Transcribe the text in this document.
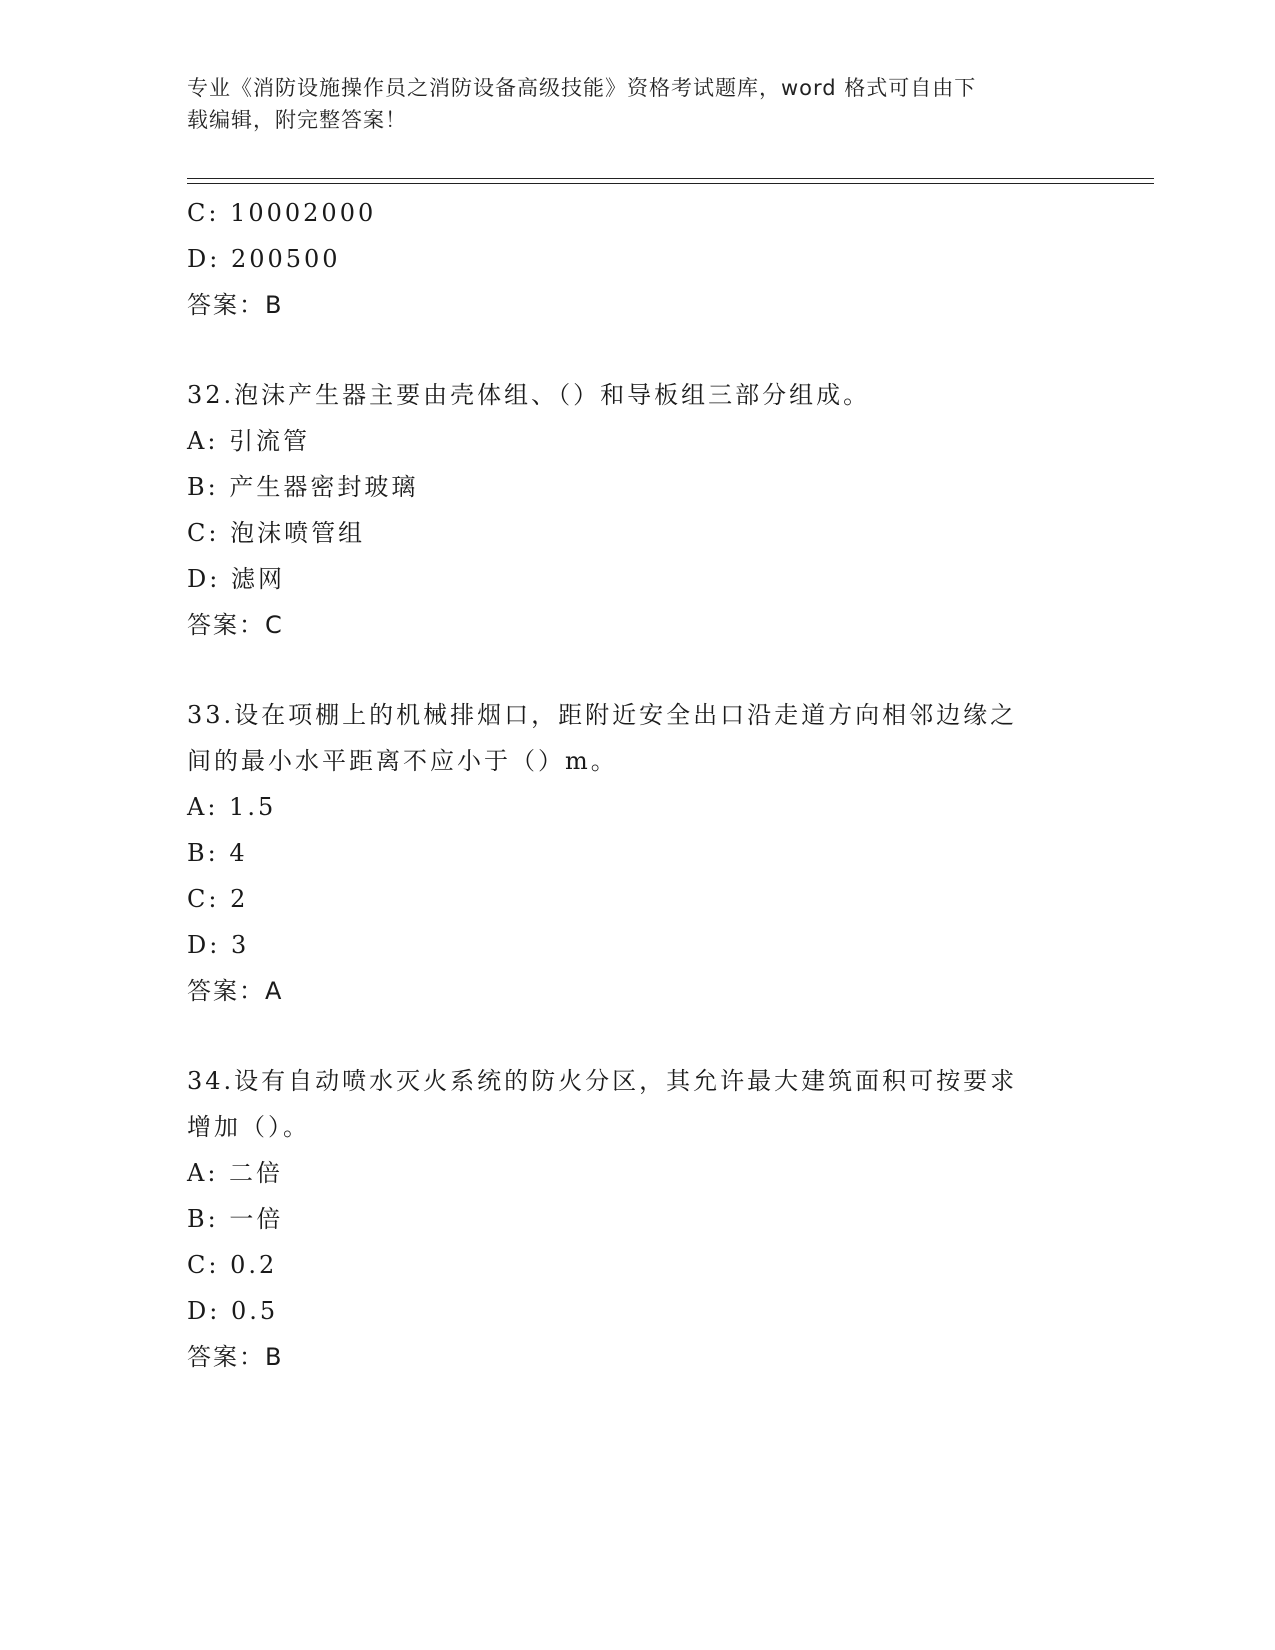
专业《消防设施操作员之消防设备高级技能》资格考试题库，word 格式可自由下
载编辑，附完整答案！

C: 10002000

D: 200500

答案：B

32.泡沫产生器主要由壳体组、（）和导板组三部分组成。

A: 引流管

B: 产生器密封玻璃

C: 泡沫喷管组

D: 滤网

答案：C

33.设在项棚上的机械排烟口，距附近安全出口沿走道方向相邻边缘之

间的最小水平距离不应小于（）m。

A: 1.5

B: 4

C: 2

D: 3

答案：A

34.设有自动喷水灭火系统的防火分区，其允许最大建筑面积可按要求

增加（）。

A: 二倍

B: 一倍

C: 0.2

D: 0.5

答案：B
